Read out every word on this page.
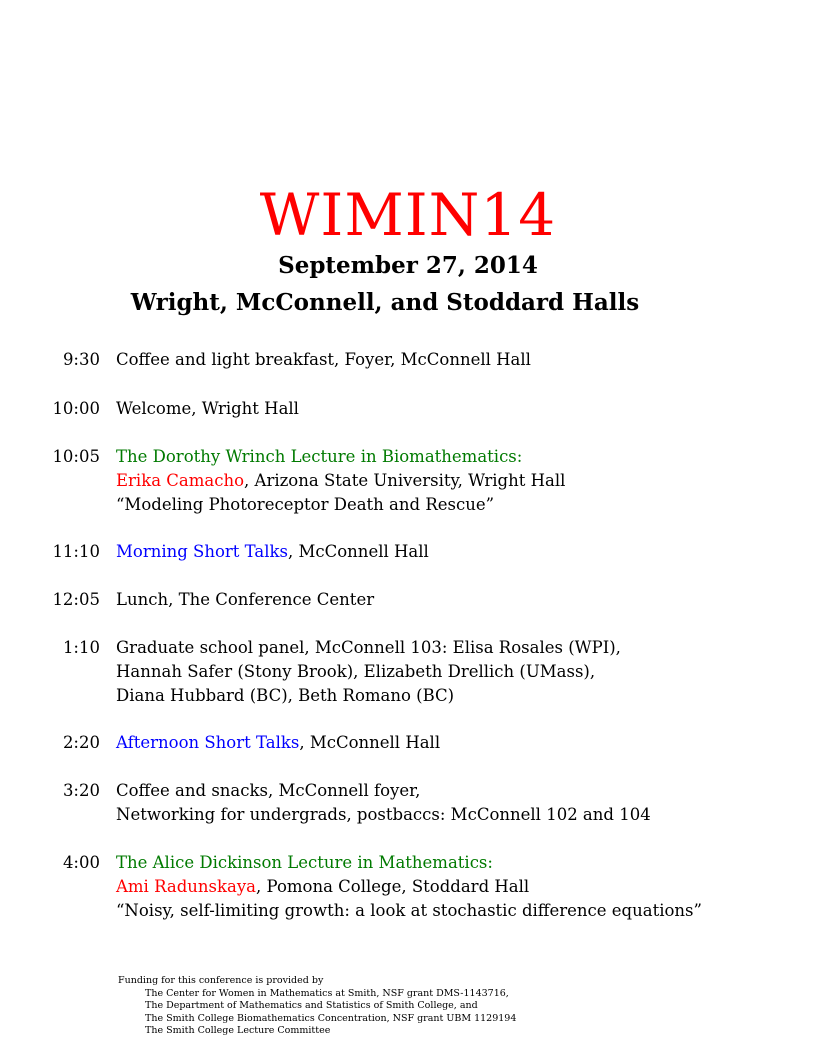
WIMIN14
September 27, 2014
Wright, McConnell, and Stoddard Halls
9:30 Coffee and light breakfast, Foyer, McConnell Hall
10:00 Welcome, Wright Hall
10:05 The Dorothy Wrinch Lecture in Biomathematics:
Erika Camacho, Arizona State University, Wright Hall
“Modeling Photoreceptor Death and Rescue”
11:10 Morning Short Talks, McConnell Hall
12:05 Lunch, The Conference Center
1:10 Graduate school panel, McConnell 103: Elisa Rosales (WPI),
Hannah Safer (Stony Brook), Elizabeth Drellich (UMass),
Diana Hubbard (BC), Beth Romano (BC)
2:20 Afternoon Short Talks, McConnell Hall
3:20 Coffee and snacks, McConnell foyer,
Networking for undergrads, postbaccs: McConnell 102 and 104
4:00 The Alice Dickinson Lecture in Mathematics:
Ami Radunskaya, Pomona College, Stoddard Hall
“Noisy, self-limiting growth: a look at stochastic difference equations”
Funding for this conference is provided by
The Center for Women in Mathematics at Smith, NSF grant DMS-1143716,
The Department of Mathematics and Statistics of Smith College, and
The Smith College Biomathematics Concentration, NSF grant UBM 1129194
The Smith College Lecture Committee
